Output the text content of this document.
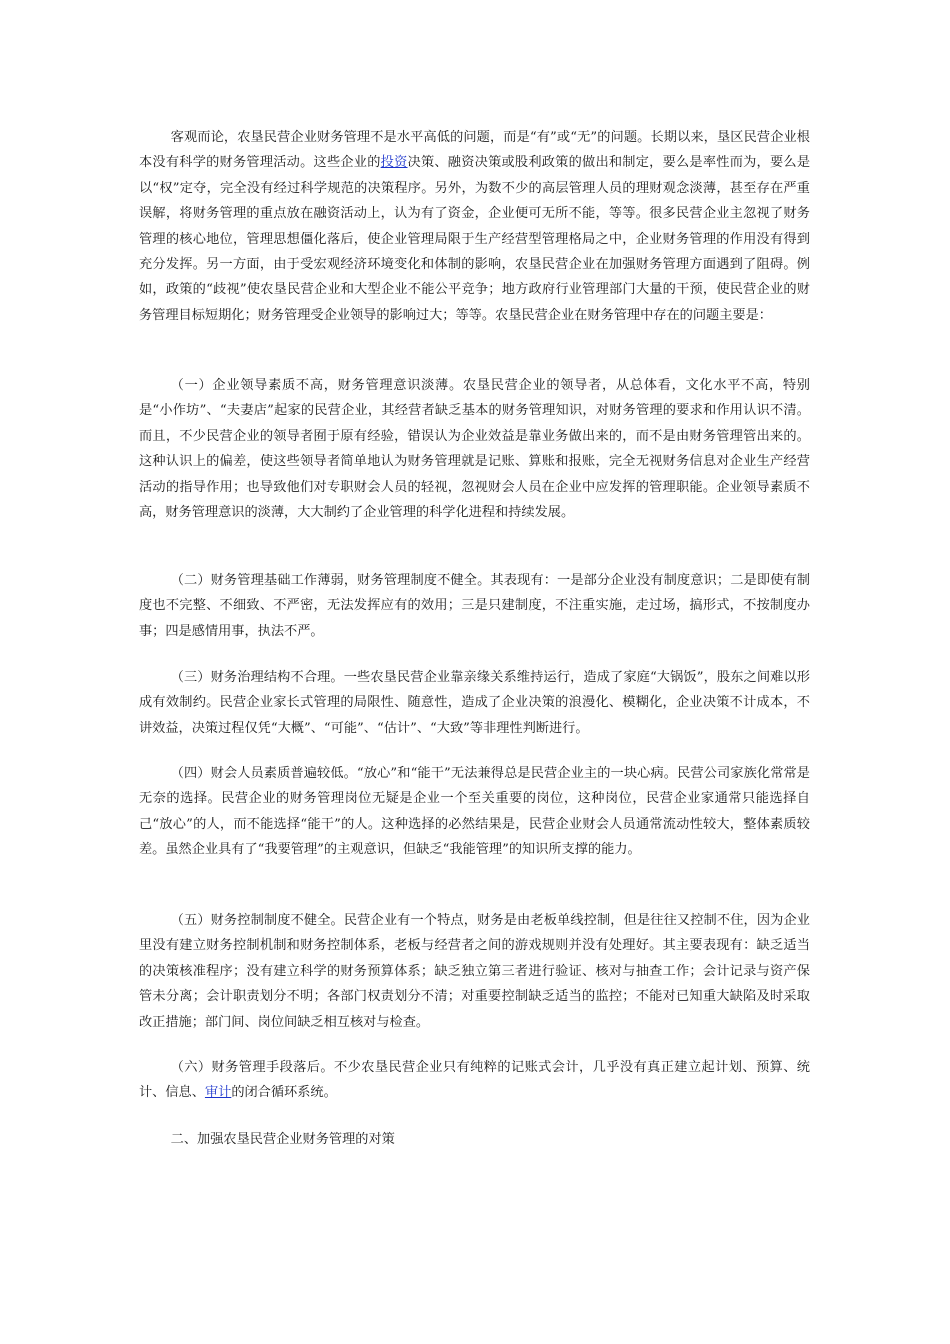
客观而论，农垦民营企业财务管理不是水平高低的问题，而是“有”或“无”的问题。长期以来，垦区民营企业根本没有科学的财务管理活动。这些企业的投资决策、融资决策或股利政策的做出和制定，要么是率性而为，要么是以“权”定夺，完全没有经过科学规范的决策程序。另外，为数不少的高层管理人员的理财观念淡薄，甚至存在严重误解，将财务管理的重点放在融资活动上，认为有了资金，企业便可无所不能，等等。很多民营企业主忽视了财务管理的核心地位，管理思想僵化落后，使企业管理局限于生产经营型管理格局之中，企业财务管理的作用没有得到充分发挥。另一方面，由于受宏观经济环境变化和体制的影响，农垦民营企业在加强财务管理方面遇到了阻碍。例如，政策的“歧视”使农垦民营企业和大型企业不能公平竞争；地方政府行业管理部门大量的干预，使民营企业的财务管理目标短期化；财务管理受企业领导的影响过大；等等。农垦民营企业在财务管理中存在的问题主要是：

（一）企业领导素质不高，财务管理意识淡薄。农垦民营企业的领导者，从总体看，文化水平不高，特别是“小作坊”、“夫妻店”起家的民营企业，其经营者缺乏基本的财务管理知识，对财务管理的要求和作用认识不清。而且，不少民营企业的领导者囿于原有经验，错误认为企业效益是靠业务做出来的，而不是由财务管理管出来的。这种认识上的偏差，使这些领导者简单地认为财务管理就是记账、算账和报账，完全无视财务信息对企业生产经营活动的指导作用；也导致他们对专职财会人员的轻视，忽视财会人员在企业中应发挥的管理职能。企业领导素质不高，财务管理意识的淡薄，大大制约了企业管理的科学化进程和持续发展。

（二）财务管理基础工作薄弱，财务管理制度不健全。其表现有：一是部分企业没有制度意识；二是即使有制度也不完整、不细致、不严密，无法发挥应有的效用；三是只建制度，不注重实施，走过场，搞形式，不按制度办事；四是感情用事，执法不严。

（三）财务治理结构不合理。一些农垦民营企业靠亲缘关系维持运行，造成了家庭“大锅饭”，股东之间难以形成有效制约。民营企业家长式管理的局限性、随意性，造成了企业决策的浪漫化、模糊化，企业决策不计成本，不讲效益，决策过程仅凭“大概”、“可能”、“估计”、“大致”等非理性判断进行。

（四）财会人员素质普遍较低。“放心”和“能干”无法兼得总是民营企业主的一块心病。民营公司家族化常常是无奈的选择。民营企业的财务管理岗位无疑是企业一个至关重要的岗位，这种岗位，民营企业家通常只能选择自己“放心”的人，而不能选择“能干”的人。这种选择的必然结果是，民营企业财会人员通常流动性较大，整体素质较差。虽然企业具有了“我要管理”的主观意识，但缺乏“我能管理”的知识所支撑的能力。

（五）财务控制制度不健全。民营企业有一个特点，财务是由老板单线控制，但是往往又控制不住，因为企业里没有建立财务控制机制和财务控制体系，老板与经营者之间的游戏规则并没有处理好。其主要表现有：缺乏适当的决策核准程序；没有建立科学的财务预算体系；缺乏独立第三者进行验证、核对与抽查工作；会计记录与资产保管未分离；会计职责划分不明；各部门权责划分不清；对重要控制缺乏适当的监控；不能对已知重大缺陷及时采取改正措施；部门间、岗位间缺乏相互核对与检查。

（六）财务管理手段落后。不少农垦民营企业只有纯粹的记账式会计，几乎没有真正建立起计划、预算、统计、信息、审计的闭合循环系统。

二、加强农垦民营企业财务管理的对策
